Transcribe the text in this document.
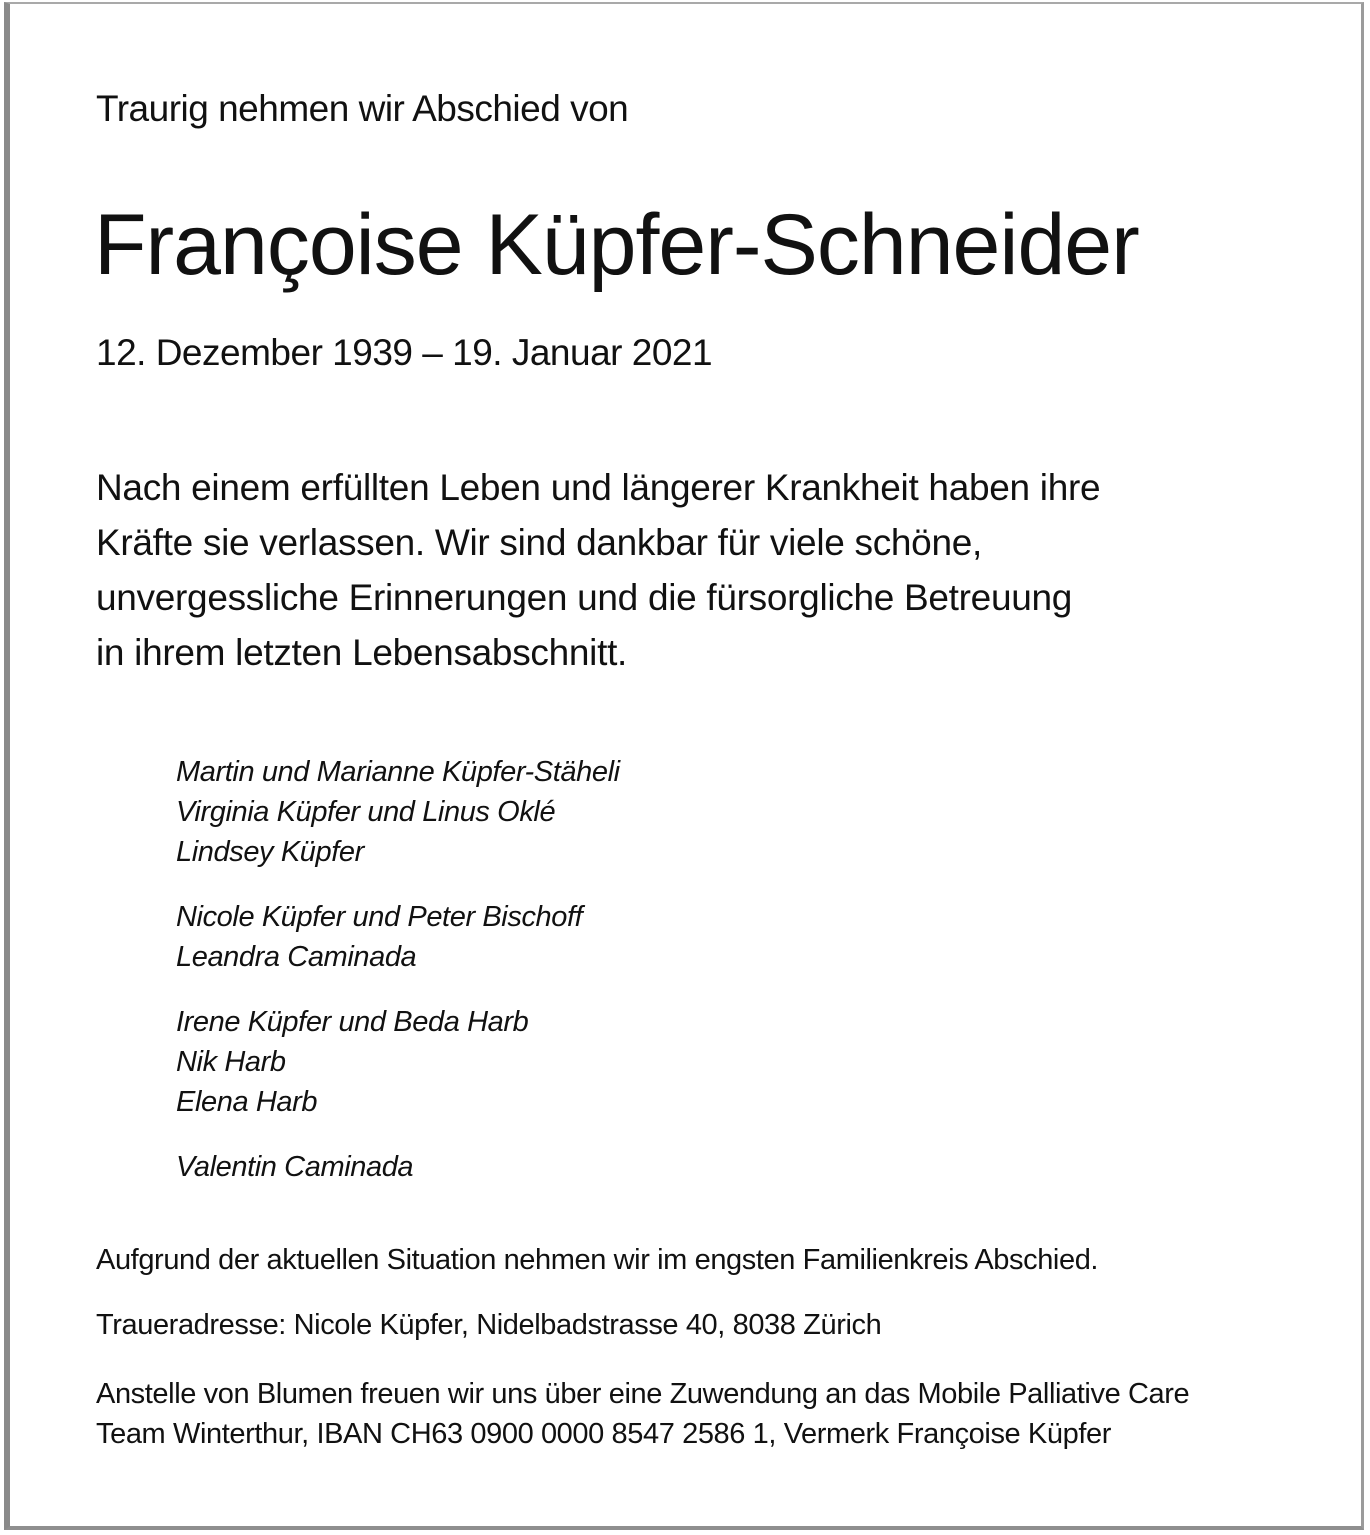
Traurig nehmen wir Abschied von
Françoise Küpfer-Schneider
12. Dezember 1939 – 19. Januar 2021
Nach einem erfüllten Leben und längerer Krankheit haben ihre
Kräfte sie verlassen. Wir sind dankbar für viele schöne,
unvergessliche Erinnerungen und die fürsorgliche Betreuung
in ihrem letzten Lebensabschnitt.
Martin und Marianne Küpfer-Stäheli
Virginia Küpfer und Linus Oklé
Lindsey Küpfer
Nicole Küpfer und Peter Bischoff
Leandra Caminada
Irene Küpfer und Beda Harb
Nik Harb
Elena Harb
Valentin Caminada
Aufgrund der aktuellen Situation nehmen wir im engsten Familienkreis Abschied.
Traueradresse: Nicole Küpfer, Nidelbadstrasse 40, 8038 Zürich
Anstelle von Blumen freuen wir uns über eine Zuwendung an das Mobile Palliative Care
Team Winterthur, IBAN CH63 0900 0000 8547 2586 1, Vermerk Françoise Küpfer
